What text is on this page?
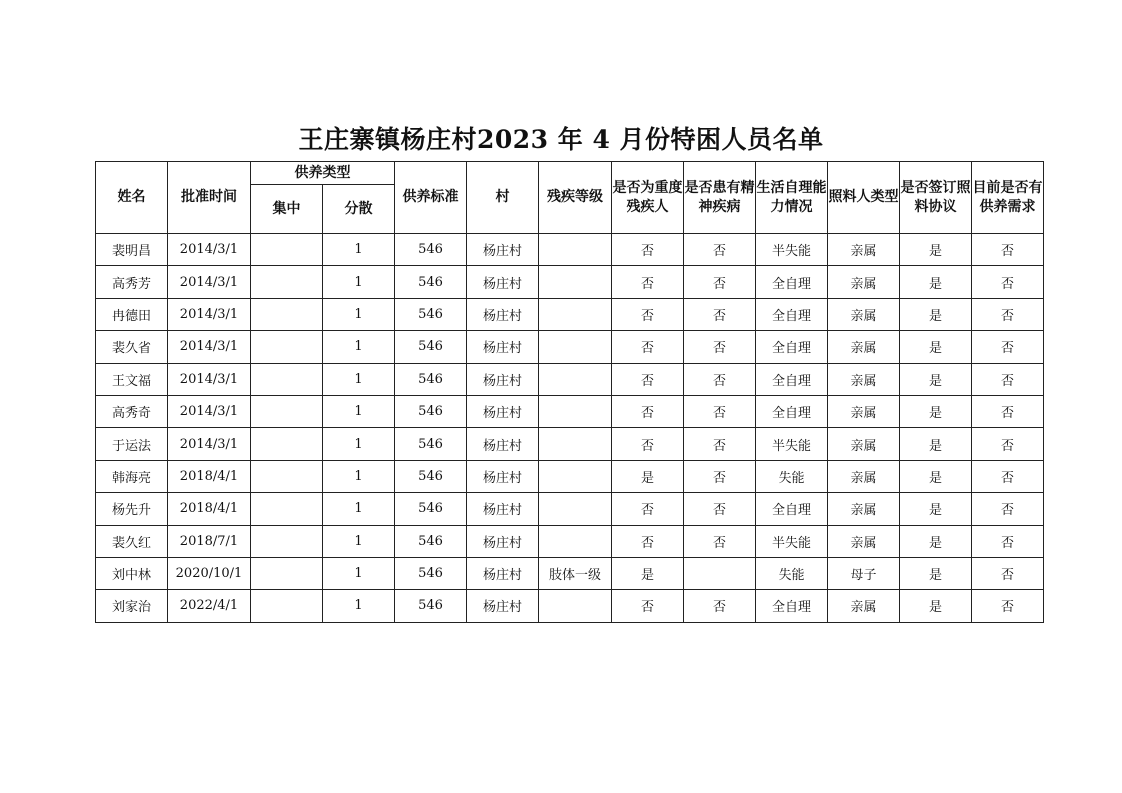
王庄寨镇杨庄村2023 年 4 月份特困人员名单
姓名	批准时间	供养类型		供养标准	村	残疾等级	是否为重度残疾人	是否患有精神疾病	生活自理能力情况	照料人类型	是否签订照料协议	目前是否有供养需求
		集中	分散									
裴明昌	2014/3/1		1	546	杨庄村		否	否	半失能	亲属	是	否
高秀芳	2014/3/1		1	546	杨庄村		否	否	全自理	亲属	是	否
冉德田	2014/3/1		1	546	杨庄村		否	否	全自理	亲属	是	否
裴久省	2014/3/1		1	546	杨庄村		否	否	全自理	亲属	是	否
王文福	2014/3/1		1	546	杨庄村		否	否	全自理	亲属	是	否
高秀奇	2014/3/1		1	546	杨庄村		否	否	全自理	亲属	是	否
于运法	2014/3/1		1	546	杨庄村		否	否	半失能	亲属	是	否
韩海亮	2018/4/1		1	546	杨庄村		是	否	失能	亲属	是	否
杨先升	2018/4/1		1	546	杨庄村		否	否	全自理	亲属	是	否
裴久红	2018/7/1		1	546	杨庄村		否	否	半失能	亲属	是	否
刘中林	2020/10/1		1	546	杨庄村	肢体一级	是		失能	母子	是	否
刘家治	2022/4/1		1	546	杨庄村		否	否	全自理	亲属	是	否
